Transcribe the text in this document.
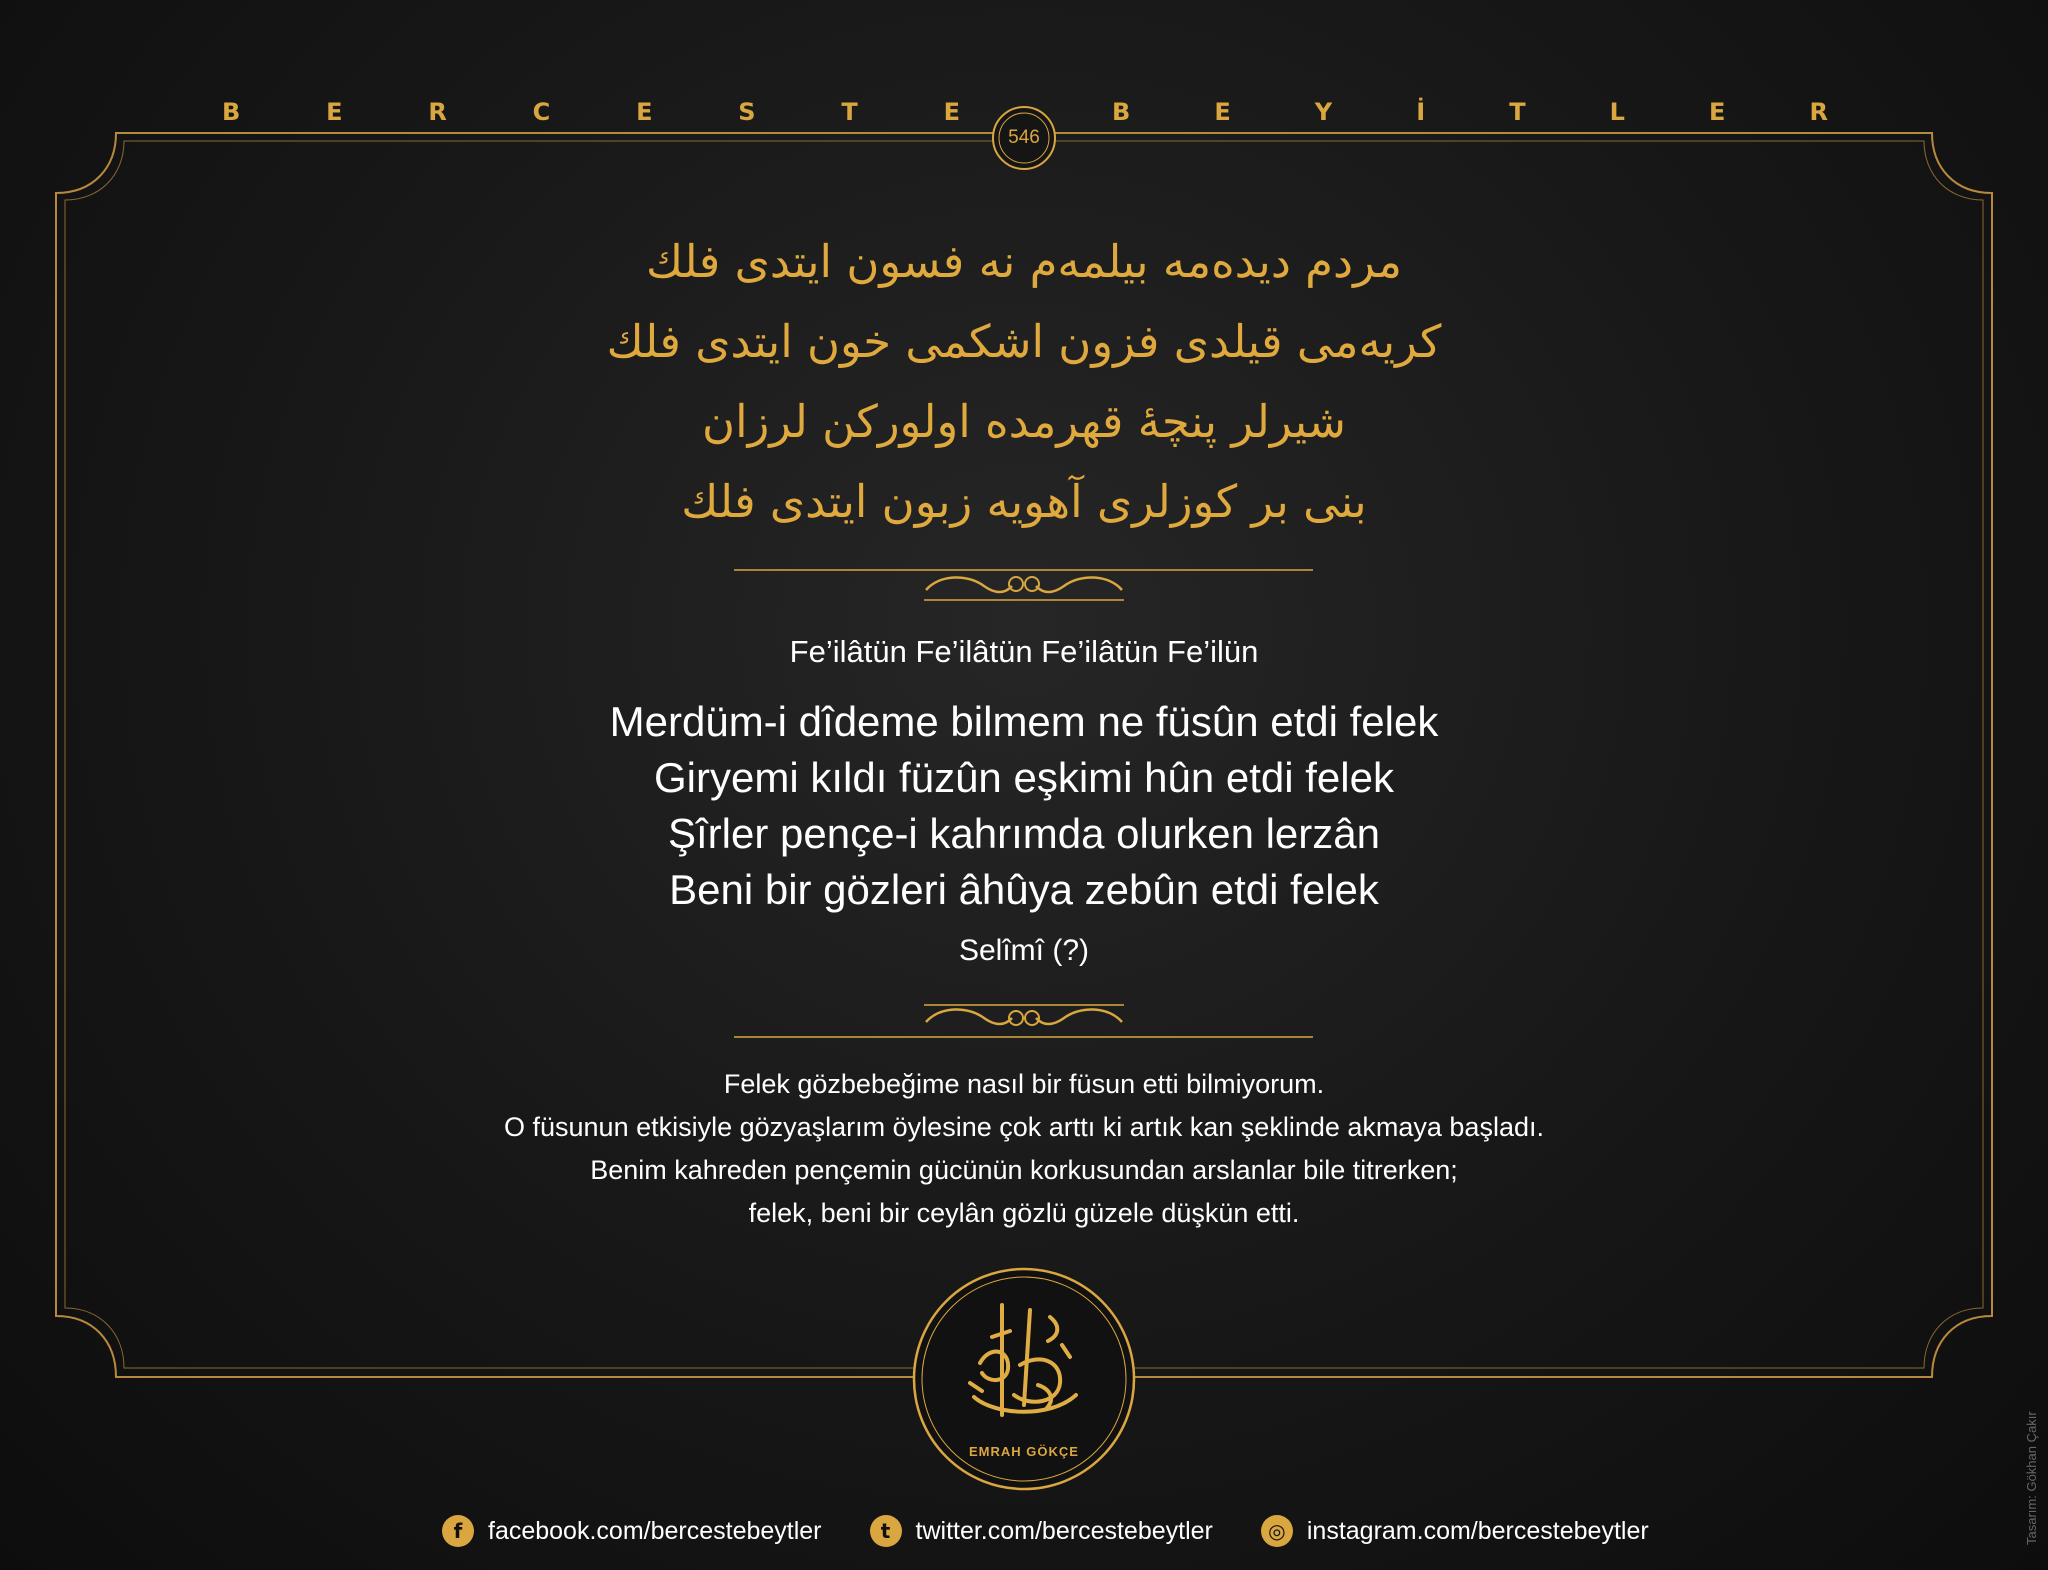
B	E	R	C	E	S	T	E	B	E	Y	İ	T	L	E	R
546
مردم دیده‌مه بیلمه‌م نه فسون ایتدی فلك
کریه‌می قیلدی فزون اشکمی خون ایتدی فلك
شیرلر پنچهٔ قهرمده اولورکن لرزان
بنی بر کوزلری آهویه زبون ایتدی فلك
Fe’ilâtün Fe’ilâtün Fe’ilâtün Fe’ilün
Merdüm-i dîdeme bilmem ne füsûn etdi felek
Giryemi kıldı füzûn eşkimi hûn etdi felek
Şîrler pençe-i kahrımda olurken lerzân
Beni bir gözleri âhûya zebûn etdi felek
Selîmî (?)
Felek gözbebeğime nasıl bir füsun etti bilmiyorum.
O füsunun etkisiyle gözyaşlarım öylesine çok arttı ki artık kan şeklinde akmaya başladı.
Benim kahreden pençemin gücünün korkusundan arslanlar bile titrerken;
felek, beni bir ceylân gözlü güzele düşkün etti.
EMRAH GÖKÇE
f	facebook.com/bercestebeytler	t	twitter.com/bercestebeytler	◎ instagram.com/bercestebeytler	Tasarım: Gökhan Çakır
